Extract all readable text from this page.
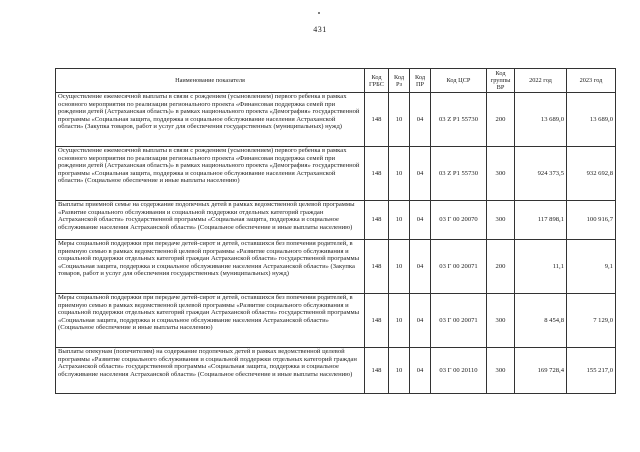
431
Наименование показателя	Код ГРБС	Код Рз	Код ПР	Код ЦСР	Код группы ВР	2022 год	2023 год
Осуществление ежемесячной выплаты в связи с рождением (усыновлением) первого ребенка в рамках основного мероприятия по реализации регионального проекта «Финансовая поддержка семей при рождении детей (Астраханская область)» в рамках национального проекта «Демография» государственной программы «Социальная защита, поддержка и социальное обслуживание населения Астраханской области» (Закупка товаров, работ и услуг для обеспечения государственных (муниципальных) нужд)	148	10	04	03 Z P1 55730	200	13 689,0	13 689,0
Осуществление ежемесячной выплаты в связи с рождением (усыновлением) первого ребенка в рамках основного мероприятия по реализации регионального проекта «Финансовая поддержка семей при рождении детей (Астраханская область)» в рамках национального проекта «Демография» государственной программы «Социальная защита, поддержка и социальное обслуживание населения Астраханской области» (Социальное обеспечение и иные выплаты населению)	148	10	04	03 Z P1 55730	300	924 373,5	932 692,8
Выплаты приемной семье на содержание подопечных детей в рамках ведомственной целевой программы «Развитие социального обслуживания и социальной поддержки отдельных категорий граждан Астраханской области» государственной программы «Социальная защита, поддержка и социальное обслуживание населения Астраханской области» (Социальное обеспечение и иные выплаты населению)	148	10	04	03 Г 00 20070	300	117 898,1	100 916,7
Меры социальной поддержки при передаче детей-сирот и детей, оставшихся без попечения родителей, в приемную семью в рамках ведомственной целевой программы «Развитие социального обслуживания и социальной поддержки отдельных категорий граждан Астраханской области» государственной программы «Социальная защита, поддержка и социальное обслуживание населения Астраханской области» (Закупка товаров, работ и услуг для обеспечения государственных (муниципальных) нужд)	148	10	04	03 Г 00 20071	200	11,1	9,1
Меры социальной поддержки при передаче детей-сирот и детей, оставшихся без попечения родителей, в приемную семью в рамках ведомственной целевой программы «Развитие социального обслуживания и социальной поддержки отдельных категорий граждан Астраханской области» государственной программы «Социальная защита, поддержка и социальное обслуживание населения Астраханской области» (Социальное обеспечение и иные выплаты населению)	148	10	04	03 Г 00 20071	300	8 454,8	7 129,0
Выплаты опекунам (попечителям) на содержание подопечных детей в рамках ведомственной целевой программы «Развитие социального обслуживания и социальной поддержки отдельных категорий граждан Астраханской области» государственной программы «Социальная защита, поддержка и социальное обслуживание населения Астраханской области» (Социальное обеспечение и иные выплаты населению)	148	10	04	03 Г 00 20110	300	169 728,4	155 217,0
